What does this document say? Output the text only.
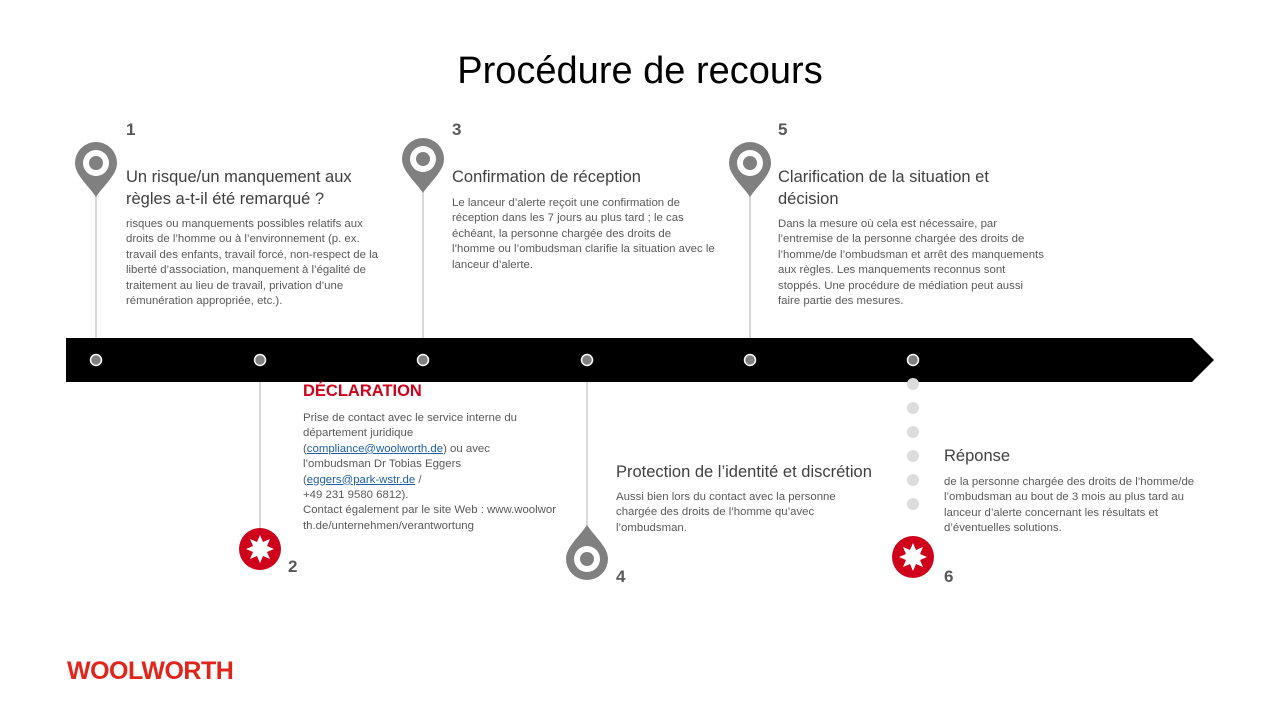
Procédure de recours
1
Un risque/un manquement aux règles a-t-il été remarqué ?
risques ou manquements possibles relatifs aux droits de l’homme ou à l’environnement (p. ex. travail des enfants, travail forcé, non-respect de la liberté d’association, manquement à l’égalité de traitement au lieu de travail, privation d’une rémunération appropriée, etc.).
DÉCLARATION
Prise de contact avec le service interne du département juridique
(compliance@woolworth.de) ou avec l’ombudsman Dr Tobias Eggers
(eggers@park-wstr.de /
+49 231 9580 6812).
Contact également par le site Web : www.woolworth.de/unternehmen/verantwortung
2
3
Confirmation de réception
Le lanceur d’alerte reçoit une confirmation de réception dans les 7 jours au plus tard ; le cas échéant, la personne chargée des droits de l’homme ou l’ombudsman clarifie la situation avec le lanceur d’alerte.
Protection de l’identité et discrétion
Aussi bien lors du contact avec la personne chargée des droits de l’homme qu’avec l’ombudsman.
4
5
Clarification de la situation et décision
Dans la mesure où cela est nécessaire, par l’entremise de la personne chargée des droits de l’homme/de l’ombudsman et arrêt des manquements aux règles. Les manquements reconnus sont stoppés. Une procédure de médiation peut aussi faire partie des mesures.
Réponse
de la personne chargée des droits de l’homme/de l’ombudsman au bout de 3 mois au plus tard au lanceur d’alerte concernant les résultats et d’éventuelles solutions.
6
WOOLWORTH
